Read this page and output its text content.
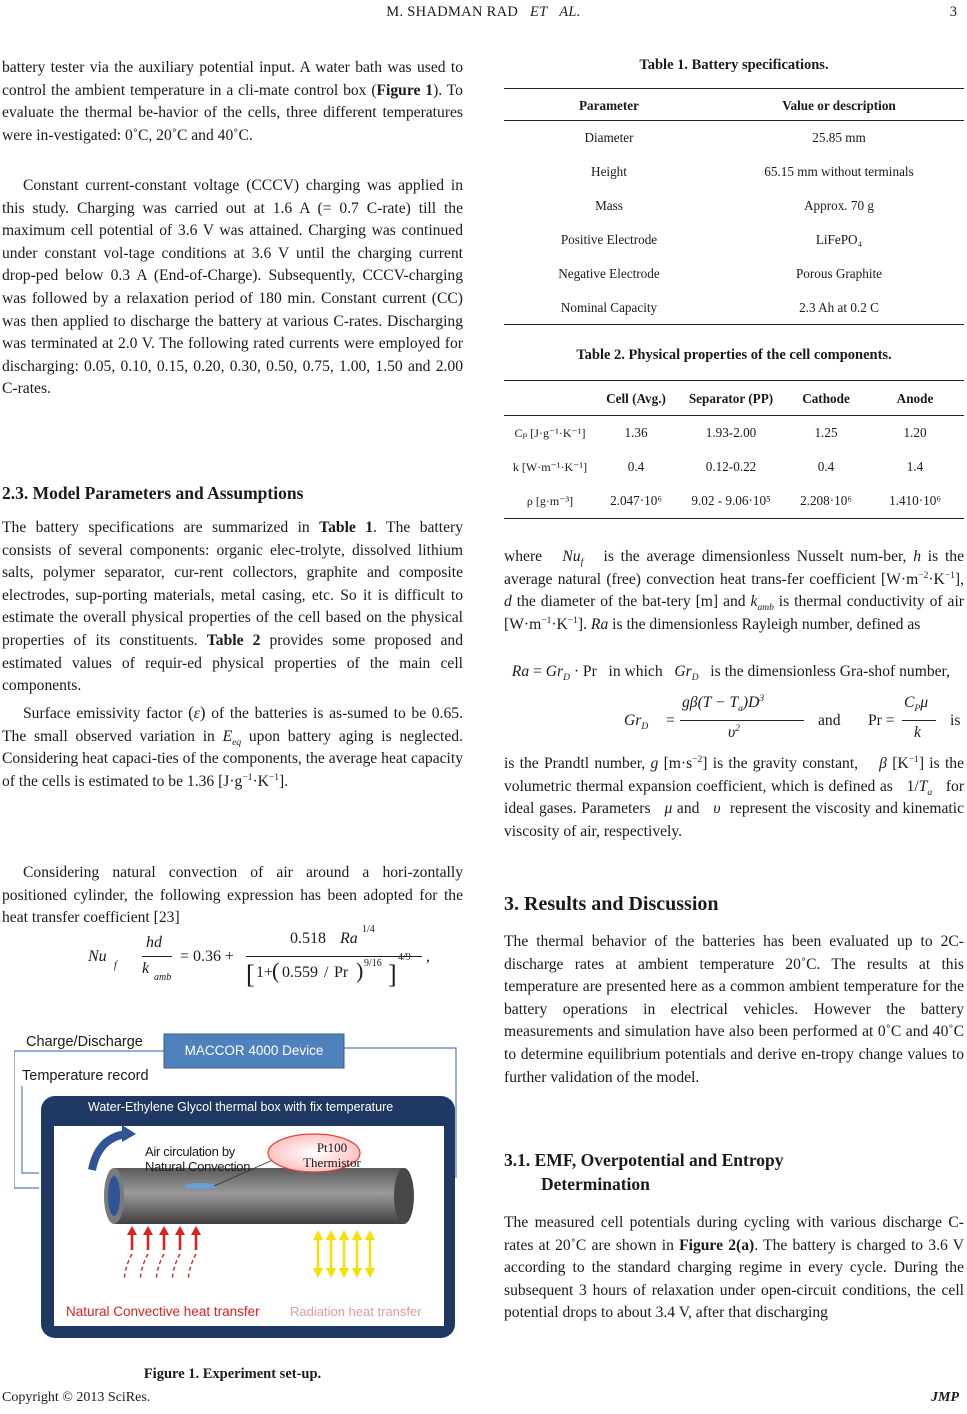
M. SHADMAN RAD ET AL.	3
battery tester via the auxiliary potential input. A water bath was used to control the ambient temperature in a cli-mate control box (Figure 1). To evaluate the thermal be-havior of the cells, three different temperatures were in-vestigated: 0˚C, 20˚C and 40˚C.
Constant current-constant voltage (CCCV) charging was applied in this study. Charging was carried out at 1.6 A (= 0.7 C-rate) till the maximum cell potential of 3.6 V was attained. Charging was continued under constant vol-tage conditions at 3.6 V until the charging current drop-ped below 0.3 A (End-of-Charge). Subsequently, CCCV-charging was followed by a relaxation period of 180 min. Constant current (CC) was then applied to discharge the battery at various C-rates. Discharging was terminated at 2.0 V. The following rated currents were employed for discharging: 0.05, 0.10, 0.15, 0.20, 0.30, 0.50, 0.75, 1.00, 1.50 and 2.00 C-rates.
2.3. Model Parameters and Assumptions
The battery specifications are summarized in Table 1. The battery consists of several components: organic elec-trolyte, dissolved lithium salts, polymer separator, cur-rent collectors, graphite and composite electrodes, sup-porting materials, metal casing, etc. So it is difficult to estimate the overall physical properties of the cell based on the physical properties of its constituents. Table 2 provides some proposed and estimated values of requir-ed physical properties of the main cell components.
Surface emissivity factor (ε) of the batteries is as-sumed to be 0.65. The small observed variation in $E_{eq}$ upon battery aging is neglected. Considering heat capaci-ties of the components, the average heat capacity of the cells is estimated to be 1.36 $[J\cdot g^{-1}\cdot K^{-1}]$.
Considering natural convection of air around a hori-zontally positioned cylinder, the following expression has been adopted for the heat transfer coefficient [23]
Nu
f
hd
k
amb
= 0.36 +
0.518 Ra
1/4
[ 1+
( 0.559 / Pr ) 9/16 ]
4/9 ,
Charge/Discharge
MACCOR 4000 Device
Temperature record
Water-Ethylene Glycol thermal box with fix temperature
Air circulation by Natural Convection
Pt100
Thermistor
Natural Convective heat transfer Radiation heat transfer
Figure 1. Experiment set-up.
Table 1. Battery specifications.
Parameter	Value or description
Diameter	25.85 mm
Height	65.15 mm without terminals
Mass	Approx. 70 g
Positive Electrode	LiFePO₄
Negative Electrode	Porous Graphite
Nominal Capacity	2.3 Ah at 0.2 C
Table 2. Physical properties of the cell components.
	Cell (Avg.)	Separator (PP)	Cathode	Anode
Cₚ [J·g⁻¹·K⁻¹]	1.36	1.93-2.00	1.25	1.20
k [W·m⁻¹·K⁻¹]	0.4	0.12-0.22	0.4	1.4
ρ [g·m⁻³]	2.047·10⁶	9.02 - 9.06·10⁵	2.208·10⁶	1.410·10⁶
where $Nu_f$ is the average dimensionless Nusselt num-ber, h is the average natural (free) convection heat trans-fer coefficient $[W\cdot m^{-2}\cdot K^{-1}]$, d the diameter of the bat-tery [m] and $k_{amb}$ is thermal conductivity of air $[W\cdot m^{-1}\cdot K^{-1}]$. Ra is the dimensionless Rayleigh number, defined as
$Ra = Gr_D \cdot Pr$   in which $Gr_D$ is the dimensionless Gra-shof number,
$Gr_D$ =
$g\beta(T - T_a)D^3$
$\upsilon^2$	and Pr =
$C_P\mu$
k
is
is the Prandtl number, g $[m\cdot s^{-2}]$ is the gravity constant, β $[K^{-1}]$ is the volumetric thermal expansion coefficient, which is defined as $1/T_a$ for ideal gases. Parameters μ and υ represent the viscosity and kinematic viscosity of air, respectively.
3. Results and Discussion
The thermal behavior of the batteries has been evaluated up to 2C-discharge rates at ambient temperature 20˚C. The results at this temperature are presented here as a common ambient temperature for the battery operations in electrical vehicles. However the battery measurements and simulation have also been performed at 0˚C and 40˚C to determine equilibrium potentials and derive en-tropy change values to further validation of the model.
3.1. EMF, Overpotential and Entropy
Determination
The measured cell potentials during cycling with various discharge C-rates at 20˚C are shown in Figure 2(a). The battery is charged to 3.6 V according to the standard charging regime in every cycle. During the subsequent 3 hours of relaxation under open-circuit conditions, the cell potential drops to about 3.4 V, after that discharging
Copyright © 2013 SciRes.	JMP
